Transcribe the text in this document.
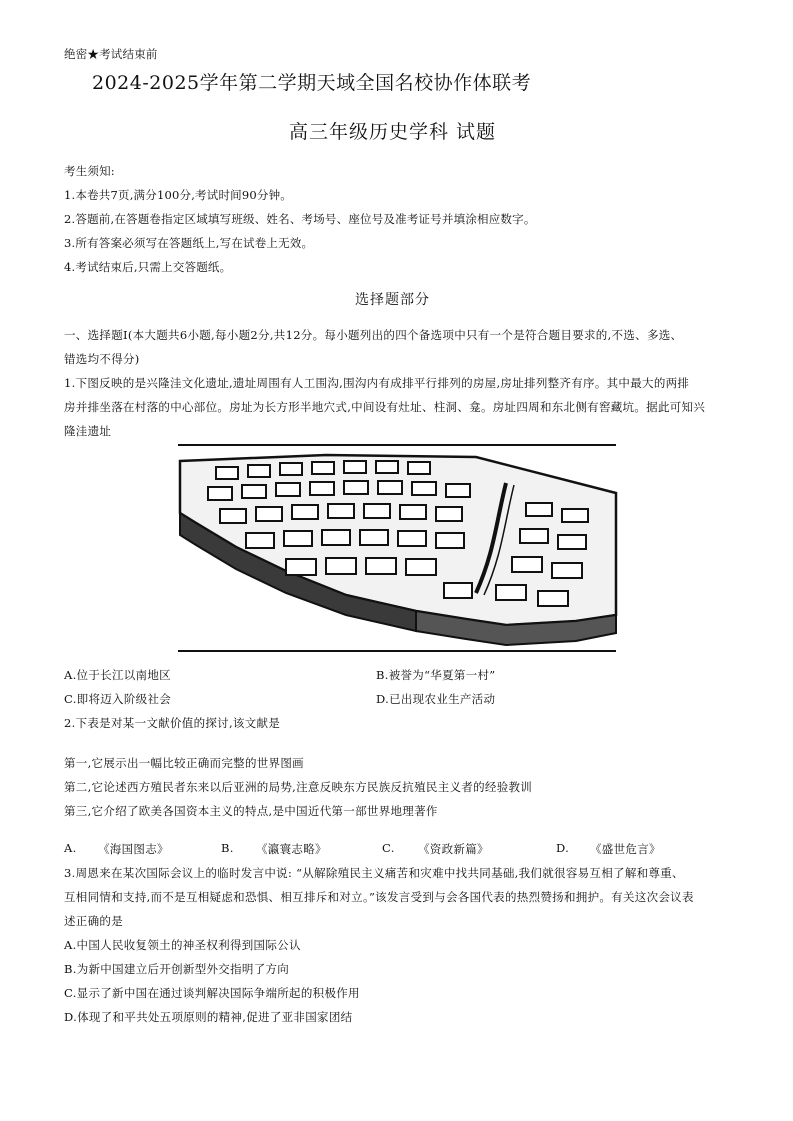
绝密★考试结束前
2024-2025学年第二学期天域全国名校协作体联考
高三年级历史学科 试题
考生须知:
1.本卷共7页,满分100分,考试时间90分钟。
2.答题前,在答题卷指定区域填写班级、姓名、考场号、座位号及准考证号并填涂相应数字。
3.所有答案必须写在答题纸上,写在试卷上无效。
4.考试结束后,只需上交答题纸。
选择题部分
一、选择题Ⅰ(本大题共6小题,每小题2分,共12分。每小题列出的四个备选项中只有一个是符合题目要求的,不选、多选、
错选均不得分)
1.下图反映的是兴隆洼文化遗址,遗址周围有人工围沟,围沟内有成排平行排列的房屋,房址排列整齐有序。其中最大的两排
房并排坐落在村落的中心部位。房址为长方形半地穴式,中间设有灶址、柱洞、龛。房址四周和东北侧有窖藏坑。据此可知兴
隆洼遗址
A.位于长江以南地区	B.被誉为“华夏第一村”
C.即将迈入阶级社会	D.已出现农业生产活动
2.下表是对某一文献价值的探讨,该文献是
第一,它展示出一幅比较正确而完整的世界图画
第二,它论述西方殖民者东来以后亚洲的局势,注意反映东方民族反抗殖民主义者的经验教训
第三,它介绍了欧美各国资本主义的特点,是中国近代第一部世界地理著作
A. 《海国图志》	B. 《瀛寰志略》	C. 《资政新篇》	D. 《盛世危言》
3.周恩来在某次国际会议上的临时发言中说: “从解除殖民主义痛苦和灾难中找共同基础,我们就很容易互相了解和尊重、
互相同情和支持,而不是互相疑虑和恐惧、相互排斥和对立。”该发言受到与会各国代表的热烈赞扬和拥护。有关这次会议表
述正确的是
A.中国人民收复领土的神圣权利得到国际公认
B.为新中国建立后开创新型外交指明了方向
C.显示了新中国在通过谈判解决国际争端所起的积极作用
D.体现了和平共处五项原则的精神,促进了亚非国家团结
